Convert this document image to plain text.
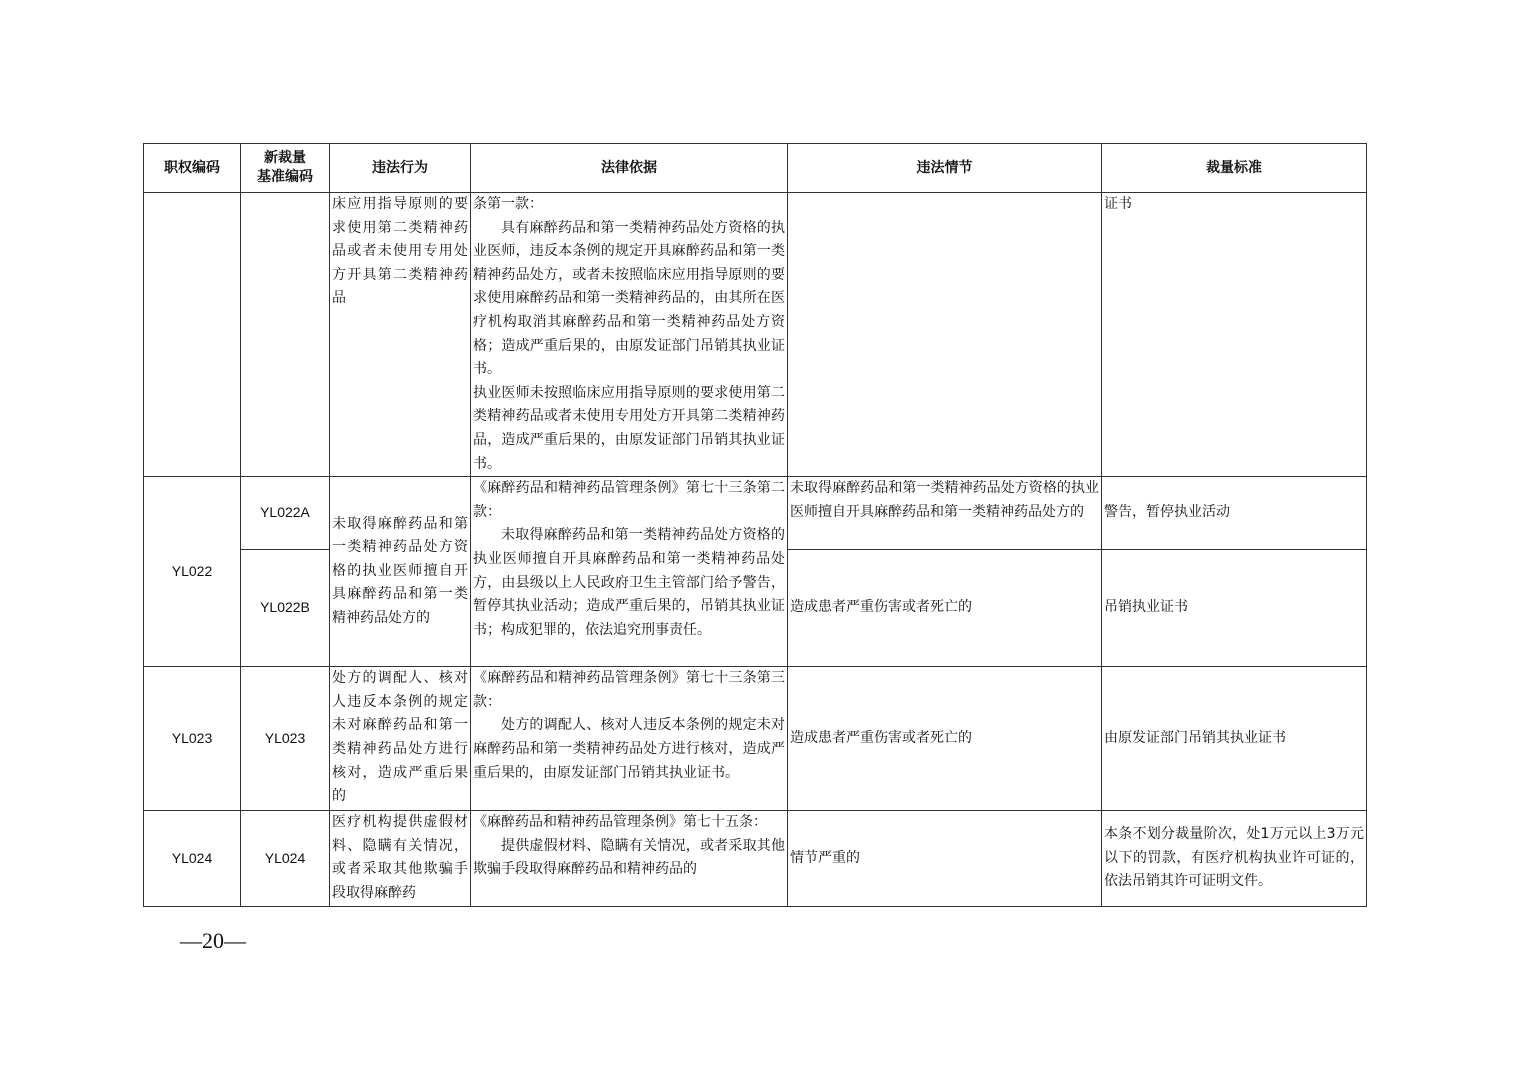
职权编码	新裁量
基准编码	违法行为	法律依据	违法情节	裁量标准
		床应用指导原则的要求使用第二类精神药品或者未使用专用处方开具第二类精神药品	条第一款：
具有麻醉药品和第一类精神药品处方资格的执业医师，违反本条例的规定开具麻醉药品和第一类精神药品处方，或者未按照临床应用指导原则的要求使用麻醉药品和第一类精神药品的，由其所在医疗机构取消其麻醉药品和第一类精神药品处方资格；造成严重后果的，由原发证部门吊销其执业证书。
执业医师未按照临床应用指导原则的要求使用第二类精神药品或者未使用专用处方开具第二类精神药品，造成严重后果的，由原发证部门吊销其执业证书。		证书
YL022	YL022A	未取得麻醉药品和第一类精神药品处方资格的执业医师擅自开具麻醉药品和第一类精神药品处方的	《麻醉药品和精神药品管理条例》第七十三条第二款：
未取得麻醉药品和第一类精神药品处方资格的执业医师擅自开具麻醉药品和第一类精神药品处方，由县级以上人民政府卫生主管部门给予警告，暂停其执业活动；造成严重后果的，吊销其执业证书；构成犯罪的，依法追究刑事责任。	未取得麻醉药品和第一类精神药品处方资格的执业医师擅自开具麻醉药品和第一类精神药品处方的	警告，暂停执业活动
	YL022B			造成患者严重伤害或者死亡的	吊销执业证书
YL023	YL023	处方的调配人、核对人违反本条例的规定未对麻醉药品和第一类精神药品处方进行核对，造成严重后果的	《麻醉药品和精神药品管理条例》第七十三条第三款：
处方的调配人、核对人违反本条例的规定未对麻醉药品和第一类精神药品处方进行核对，造成严重后果的，由原发证部门吊销其执业证书。	造成患者严重伤害或者死亡的	由原发证部门吊销其执业证书
YL024	YL024	医疗机构提供虚假材料、隐瞒有关情况，或者采取其他欺骗手段取得麻醉药	《麻醉药品和精神药品管理条例》第七十五条：
提供虚假材料、隐瞒有关情况，或者采取其他欺骗手段取得麻醉药品和精神药品的	情节严重的	本条不划分裁量阶次，处1万元以上3万元以下的罚款，有医疗机构执业许可证的，依法吊销其许可证明文件。
—20—
